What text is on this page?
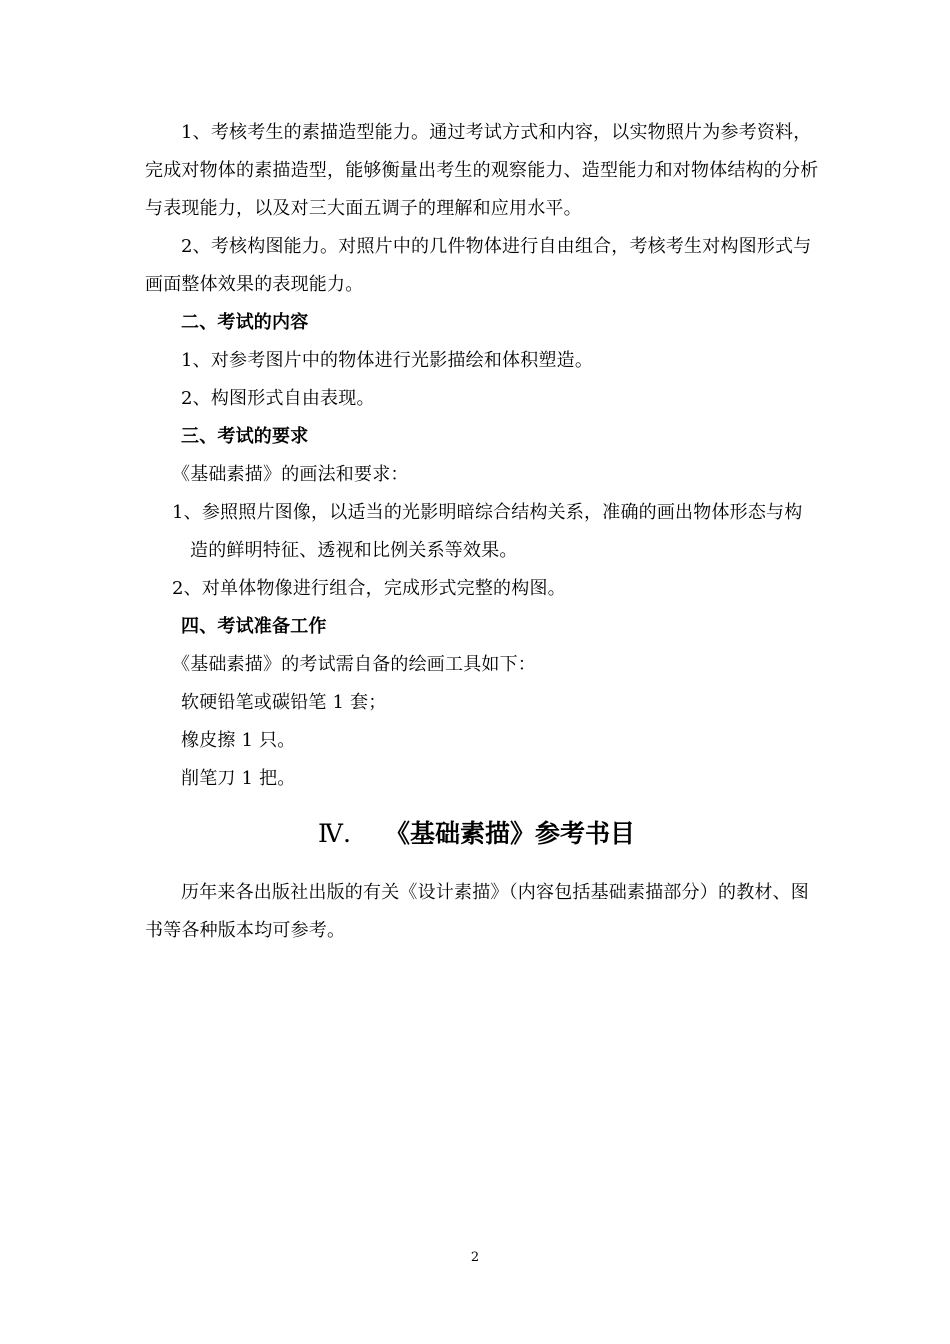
1、考核考生的素描造型能力。通过考试方式和内容，以实物照片为参考资料，
完成对物体的素描造型，能够衡量出考生的观察能力、造型能力和对物体结构的分析
与表现能力，以及对三大面五调子的理解和应用水平。
2、考核构图能力。对照片中的几件物体进行自由组合，考核考生对构图形式与
画面整体效果的表现能力。
二、考试的内容
1、对参考图片中的物体进行光影描绘和体积塑造。
2、构图形式自由表现。
三、考试的要求
《基础素描》的画法和要求：
1、参照照片图像，以适当的光影明暗综合结构关系，准确的画出物体形态与构
造的鲜明特征、透视和比例关系等效果。
2、对单体物像进行组合，完成形式完整的构图。
四、考试准备工作
《基础素描》的考试需自备的绘画工具如下：
软硬铅笔或碳铅笔 1 套；
橡皮擦 1 只。
削笔刀 1 把。
Ⅳ. 《基础素描》参考书目
历年来各出版社出版的有关《设计素描》（内容包括基础素描部分）的教材、图
书等各种版本均可参考。
2
